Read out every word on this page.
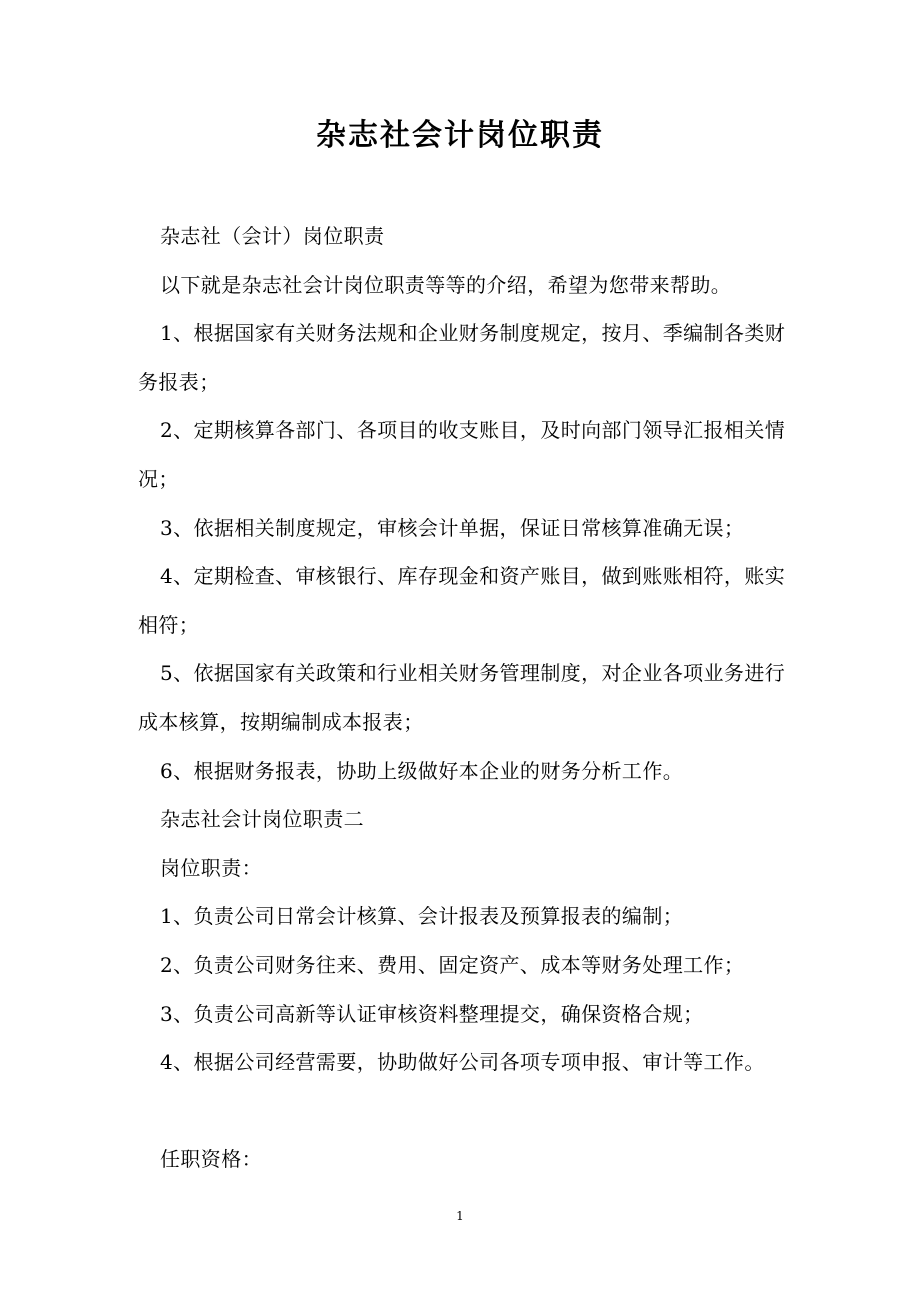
杂志社会计岗位职责

杂志社（会计）岗位职责

以下就是杂志社会计岗位职责等等的介绍，希望为您带来帮助。

1、根据国家有关财务法规和企业财务制度规定，按月、季编制各类财务报表；

2、定期核算各部门、各项目的收支账目，及时向部门领导汇报相关情况；

3、依据相关制度规定，审核会计单据，保证日常核算准确无误；

4、定期检查、审核银行、库存现金和资产账目，做到账账相符，账实相符；

5、依据国家有关政策和行业相关财务管理制度，对企业各项业务进行成本核算，按期编制成本报表；

6、根据财务报表，协助上级做好本企业的财务分析工作。

杂志社会计岗位职责二

岗位职责：

1、负责公司日常会计核算、会计报表及预算报表的编制；

2、负责公司财务往来、费用、固定资产、成本等财务处理工作；

3、负责公司高新等认证审核资料整理提交，确保资格合规；

4、根据公司经营需要，协助做好公司各项专项申报、审计等工作。

任职资格：

1
